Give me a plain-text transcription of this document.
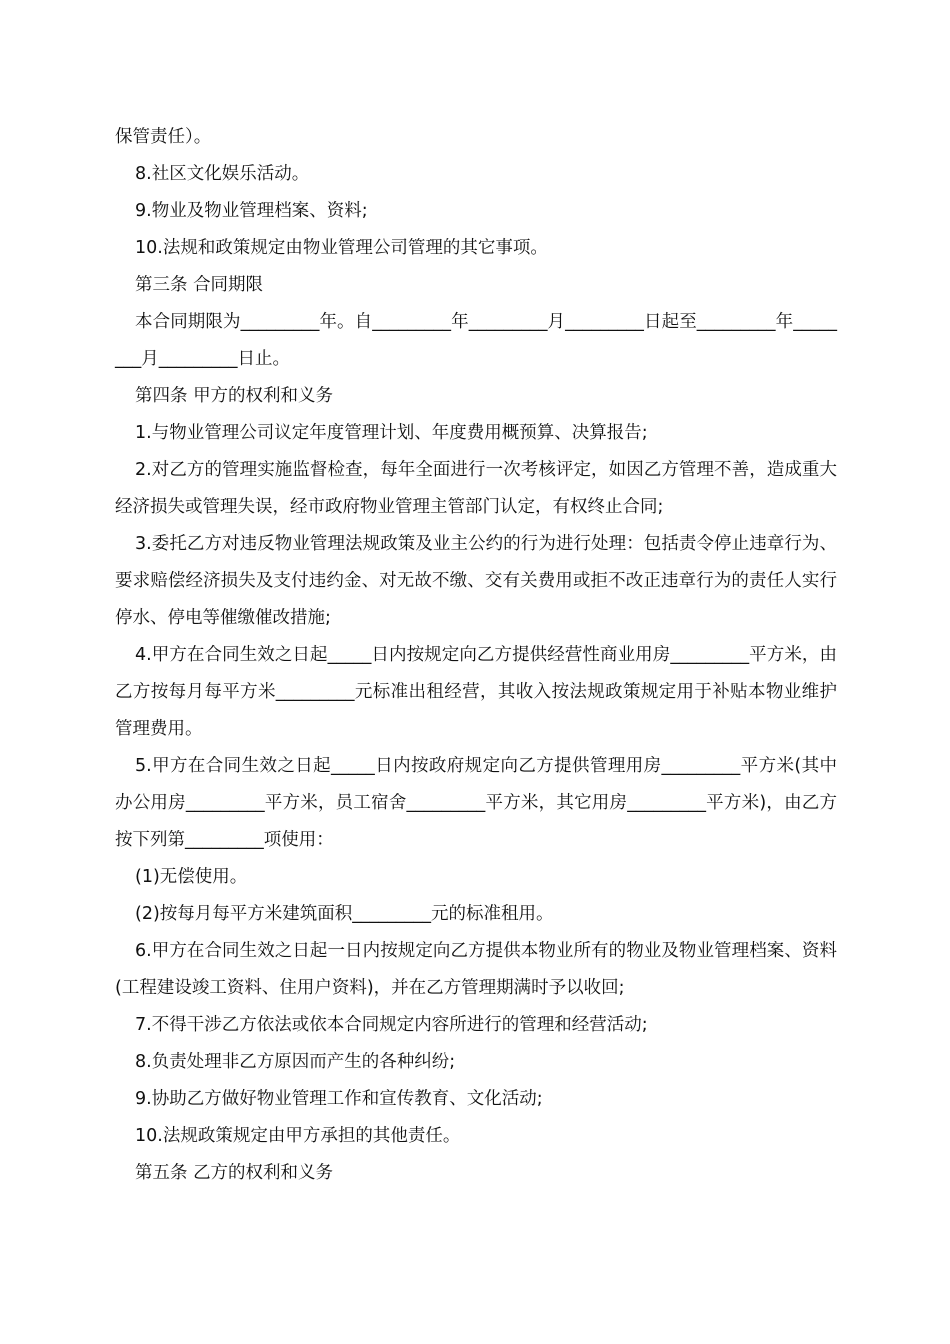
保管责任）。

8.社区文化娱乐活动。

9.物业及物业管理档案、资料;

10.法规和政策规定由物业管理公司管理的其它事项。

第三条 合同期限

本合同期限为_________年。自_________年_________月_________日起至_________年________月_________日止。

第四条 甲方的权利和义务

1.与物业管理公司议定年度管理计划、年度费用概预算、决算报告;

2.对乙方的管理实施监督检查，每年全面进行一次考核评定，如因乙方管理不善，造成重大经济损失或管理失误，经市政府物业管理主管部门认定，有权终止合同;

3.委托乙方对违反物业管理法规政策及业主公约的行为进行处理：包括责令停止违章行为、要求赔偿经济损失及支付违约金、对无故不缴、交有关费用或拒不改正违章行为的责任人实行停水、停电等催缴催改措施;

4.甲方在合同生效之日起_____日内按规定向乙方提供经营性商业用房_________平方米，由乙方按每月每平方米_________元标准出租经营，其收入按法规政策规定用于补贴本物业维护管理费用。

5.甲方在合同生效之日起_____日内按政府规定向乙方提供管理用房_________平方米(其中办公用房_________平方米，员工宿舍_________平方米，其它用房_________平方米)，由乙方按下列第_________项使用：

(1)无偿使用。

(2)按每月每平方米建筑面积_________元的标准租用。

6.甲方在合同生效之日起一日内按规定向乙方提供本物业所有的物业及物业管理档案、资料(工程建设竣工资料、住用户资料)，并在乙方管理期满时予以收回;

7.不得干涉乙方依法或依本合同规定内容所进行的管理和经营活动;

8.负责处理非乙方原因而产生的各种纠纷;

9.协助乙方做好物业管理工作和宣传教育、文化活动;

10.法规政策规定由甲方承担的其他责任。

第五条 乙方的权利和义务
